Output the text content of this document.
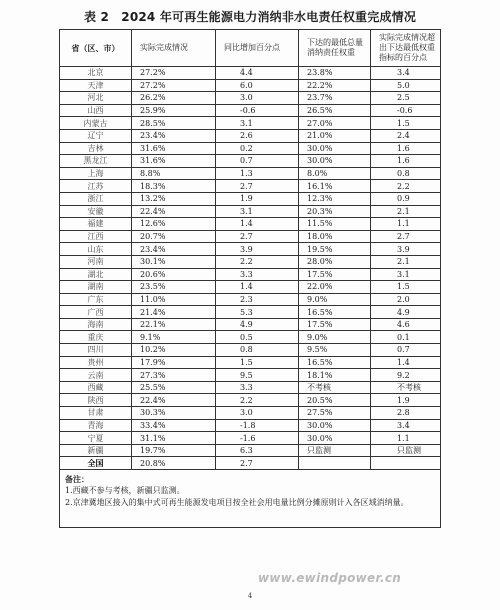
表 2　2024 年可再生能源电力消纳非水电责任权重完成情况
省（区、市）	实际完成情况	同比增加百分点	下达的最低总量消纳责任权重	实际完成情况超出下达最低权重指标的百分点
北京	27.2%	4.4	23.8%	3.4
天津	27.2%	6.0	22.2%	5.0
河北	26.2%	3.0	23.7%	2.5
山西	25.9%	-0.6	26.5%	-0.6
内蒙古	28.5%	3.1	27.0%	1.5
辽宁	23.4%	2.6	21.0%	2.4
吉林	31.6%	0.2	30.0%	1.6
黑龙江	31.6%	0.7	30.0%	1.6
上海	8.8%	1.3	8.0%	0.8
江苏	18.3%	2.7	16.1%	2.2
浙江	13.2%	1.9	12.3%	0.9
安徽	22.4%	3.1	20.3%	2.1
福建	12.6%	1.4	11.5%	1.1
江西	20.7%	2.7	18.0%	2.7
山东	23.4%	3.9	19.5%	3.9
河南	30.1%	2.2	28.0%	2.1
湖北	20.6%	3.3	17.5%	3.1
湖南	23.5%	1.4	22.0%	1.5
广东	11.0%	2.3	9.0%	2.0
广西	21.4%	5.3	16.5%	4.9
海南	22.1%	4.9	17.5%	4.6
重庆	9.1%	0.5	9.0%	0.1
四川	10.2%	0.8	9.5%	0.7
贵州	17.9%	1.5	16.5%	1.4
云南	27.3%	9.5	18.1%	9.2
西藏	25.5%	3.3	不考核	不考核
陕西	22.4%	2.2	20.5%	1.9
甘肃	30.3%	3.0	27.5%	2.8
青海	33.4%	-1.8	30.0%	3.4
宁夏	31.1%	-1.6	30.0%	1.1
新疆	19.7%	6.3	只监测	只监测
全国	20.8%	2.7		

备注：
1.西藏不参与考核，新疆只监测。
2.京津冀地区接入的集中式可再生能源发电项目按全社会用电量比例分摊原则计入各区域消纳量。				
www.ewindpower.cn
4
